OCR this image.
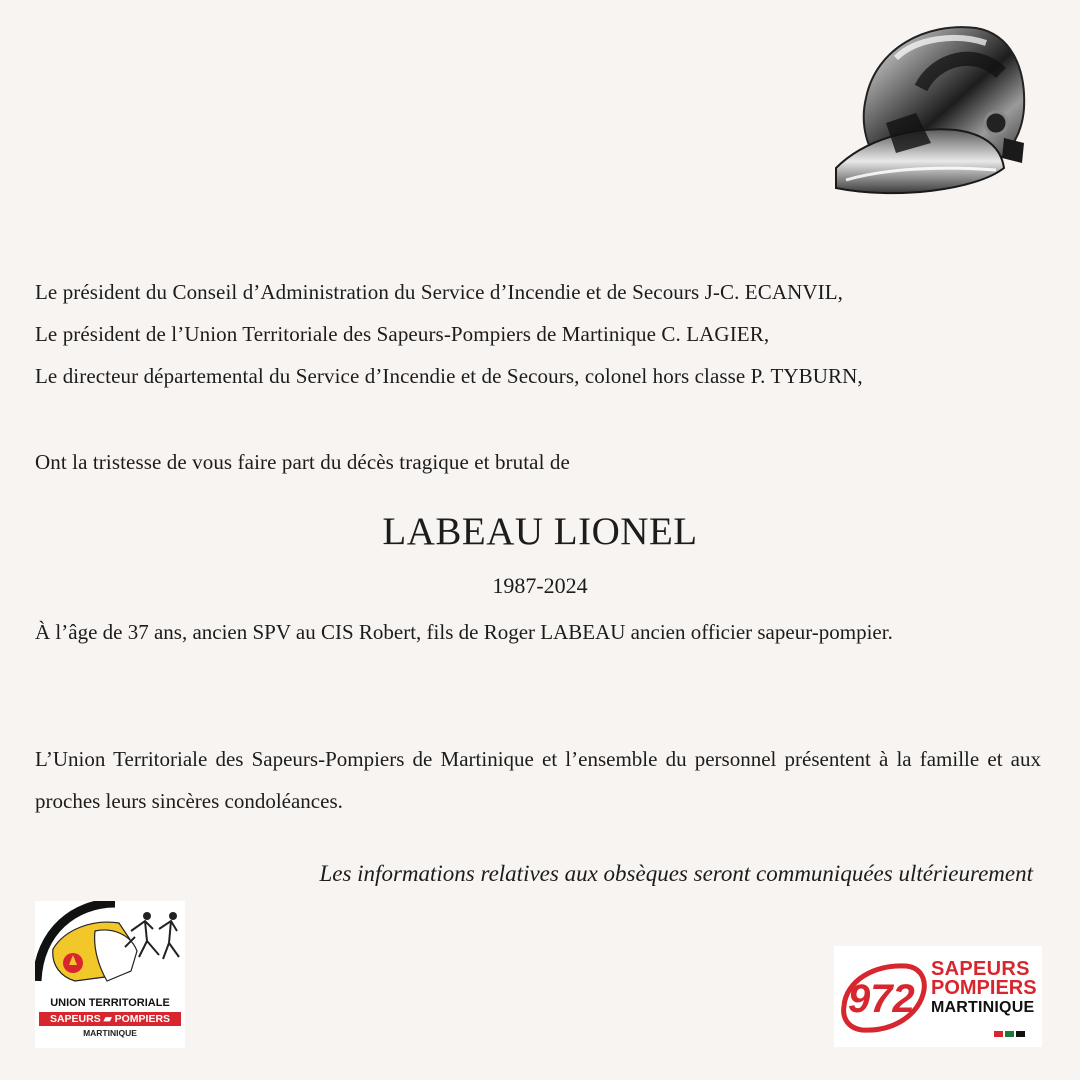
Le président du Conseil d’Administration du Service d’Incendie et de Secours J-C. ECANVIL,

Le président de l’Union Territoriale des Sapeurs-Pompiers de Martinique C. LAGIER,

Le directeur départemental du Service d’Incendie et de Secours, colonel hors classe P. TYBURN,

Ont la tristesse de vous faire part du décès tragique et brutal de

LABEAU LIONEL
1987-2024

À l’âge de 37 ans, ancien SPV au CIS Robert, fils de Roger LABEAU ancien officier sapeur-pompier.

L’Union Territoriale des Sapeurs-Pompiers de Martinique et l’ensemble du personnel présentent à la famille et aux proches leurs sincères condoléances.

Les informations relatives aux obsèques seront communiquées ultérieurement
UNION TERRITORIALE
SAPEURS ▰ POMPIERS
MARTINIQUE
972
SAPEURS
POMPIERS
MARTINIQUE
